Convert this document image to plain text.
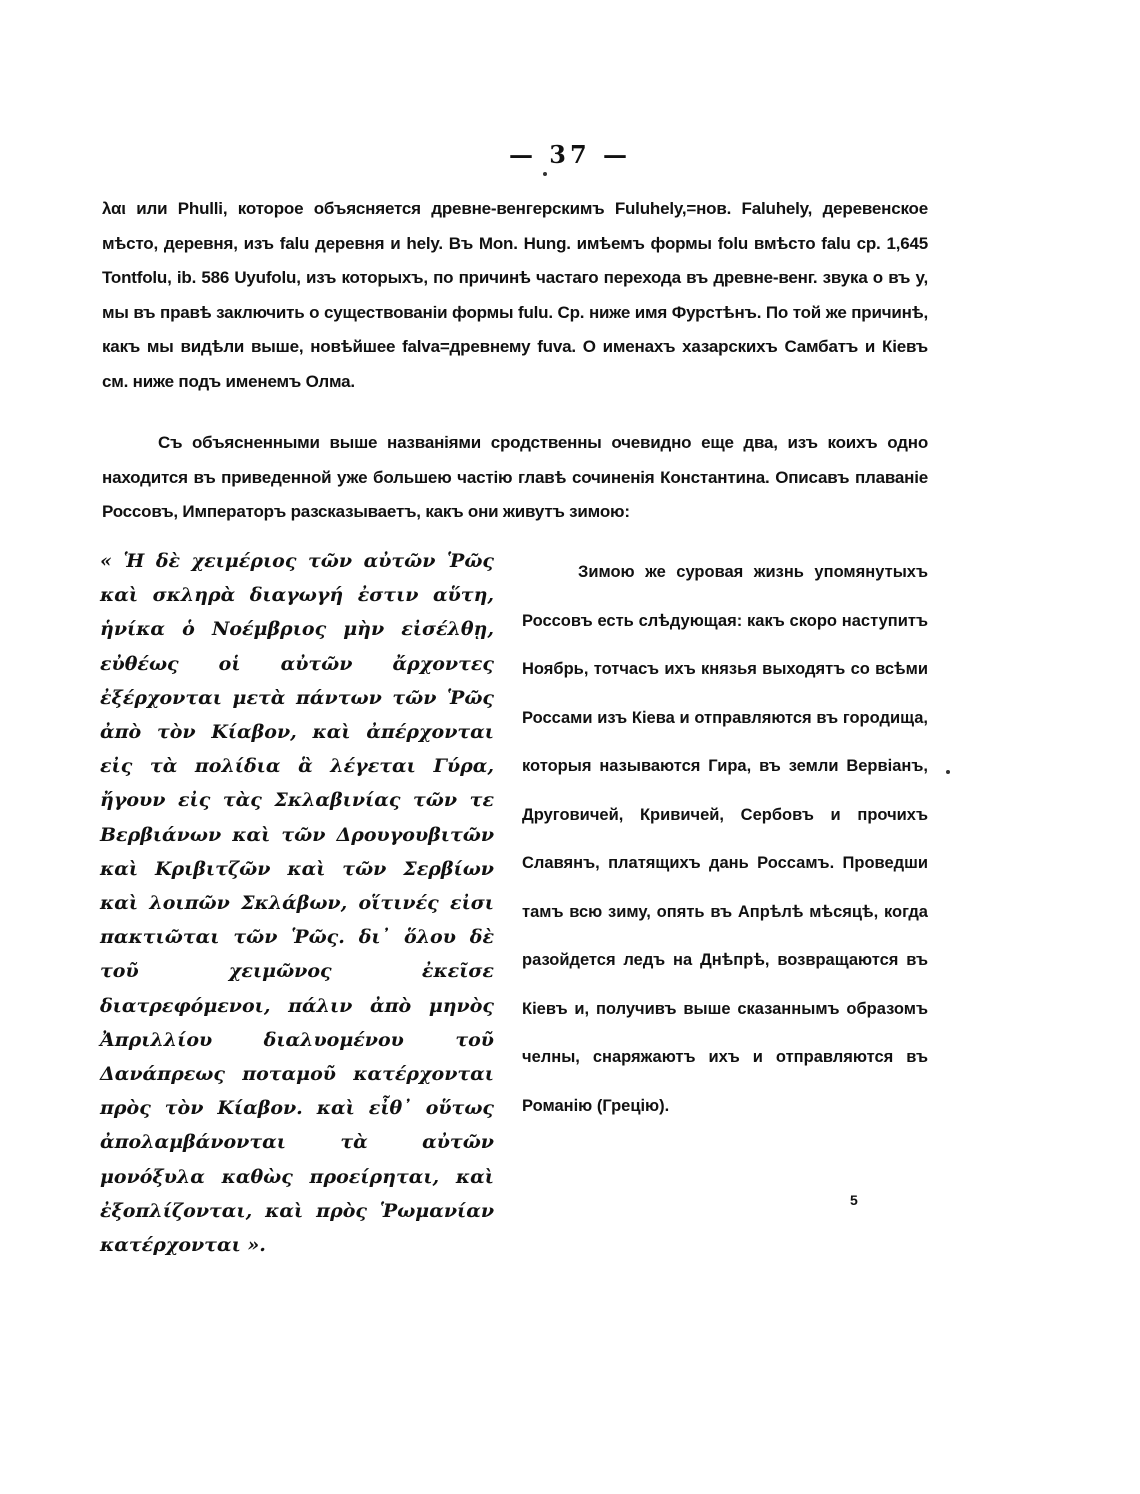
— 37 —
λαι или Phulli, которое объясняется древне-венгерскимъ Fuluhely,=нов. Faluhely, деревенское мѣсто, деревня, изъ falu деревня и hely. Въ Mon. Hung. имѣемъ формы folu вмѣсто falu ср. 1,645 Tontfolu, ib. 586 Uyufolu, изъ которыхъ, по причинѣ частаго перехода въ древне-венг. звука o въ y, мы въ правѣ заключить о существованіи формы fulu. Ср. ниже имя Фурстѣнъ. По той же причинѣ, какъ мы видѣли выше, новѣйшее falva=древнему fuva. О именахъ хазарскихъ Самбатъ и Кіевъ см. ниже подъ именемъ Олма.
Съ объясненными выше названіями сродственны очевидно еще два, изъ коихъ одно находится въ приведенной уже большею частію главѣ сочиненія Константина. Описавъ плаваніе Россовъ, Императоръ разсказываетъ, какъ они живутъ зимою:
« Ἡ δὲ χειμέριος τῶν αὐτῶν Ῥῶς καὶ σκληρὰ διαγωγή ἐστιν αὕτη, ἡνίκα ὁ Νοέμβριος μὴν εἰσέλθῃ, εὐθέως οἱ αὐτῶν ἄρχοντες ἐξέρχονται μετὰ πάντων τῶν Ῥῶς ἀπὸ τὸν Κίαβον, καὶ ἀπέρχονται εἰς τὰ πολίδια ἃ λέγεται Γύρα, ἤγουν εἰς τὰς Σκλαβινίας τῶν τε Βερβιάνων καὶ τῶν Δρουγουβιτῶν καὶ Κριβιτζῶν καὶ τῶν Σερβίων καὶ λοιπῶν Σκλάβων, οἵτινές εἰσι πακτιῶται τῶν Ῥῶς. δι᾽ ὅλου δὲ τοῦ χειμῶνος ἐκεῖσε διατρεφόμενοι, πάλιν ἀπὸ μηνὸς Ἀπριλλίου διαλυομένου τοῦ Δανάπρεως ποταμοῦ κατέρχονται πρὸς τὸν Κίαβον. καὶ εἶθ᾽ οὕτως ἀπολαμβάνονται τὰ αὐτῶν μονόξυλα καθὼς προείρηται, καὶ ἐξοπλίζονται, καὶ πρὸς Ῥωμανίαν κατέρχονται ».
Зимою же суровая жизнь упомянутыхъ Россовъ есть слѣдующая: какъ скоро наступитъ Ноябрь, тотчасъ ихъ князья выходятъ со всѣми Россами изъ Кіева и отправляются въ городища, которыя называются Гира, въ земли Вервіанъ, Друговичей, Кривичей, Сербовъ и прочихъ Славянъ, платящихъ дань Россамъ. Проведши тамъ всю зиму, опять въ Апрѣлѣ мѣсяцѣ, когда разойдется ледъ на Днѣпрѣ, возвращаются въ Кіевъ и, получивъ выше сказаннымъ образомъ челны, снаряжаютъ ихъ и отправляются въ Романію (Грецію).
5
